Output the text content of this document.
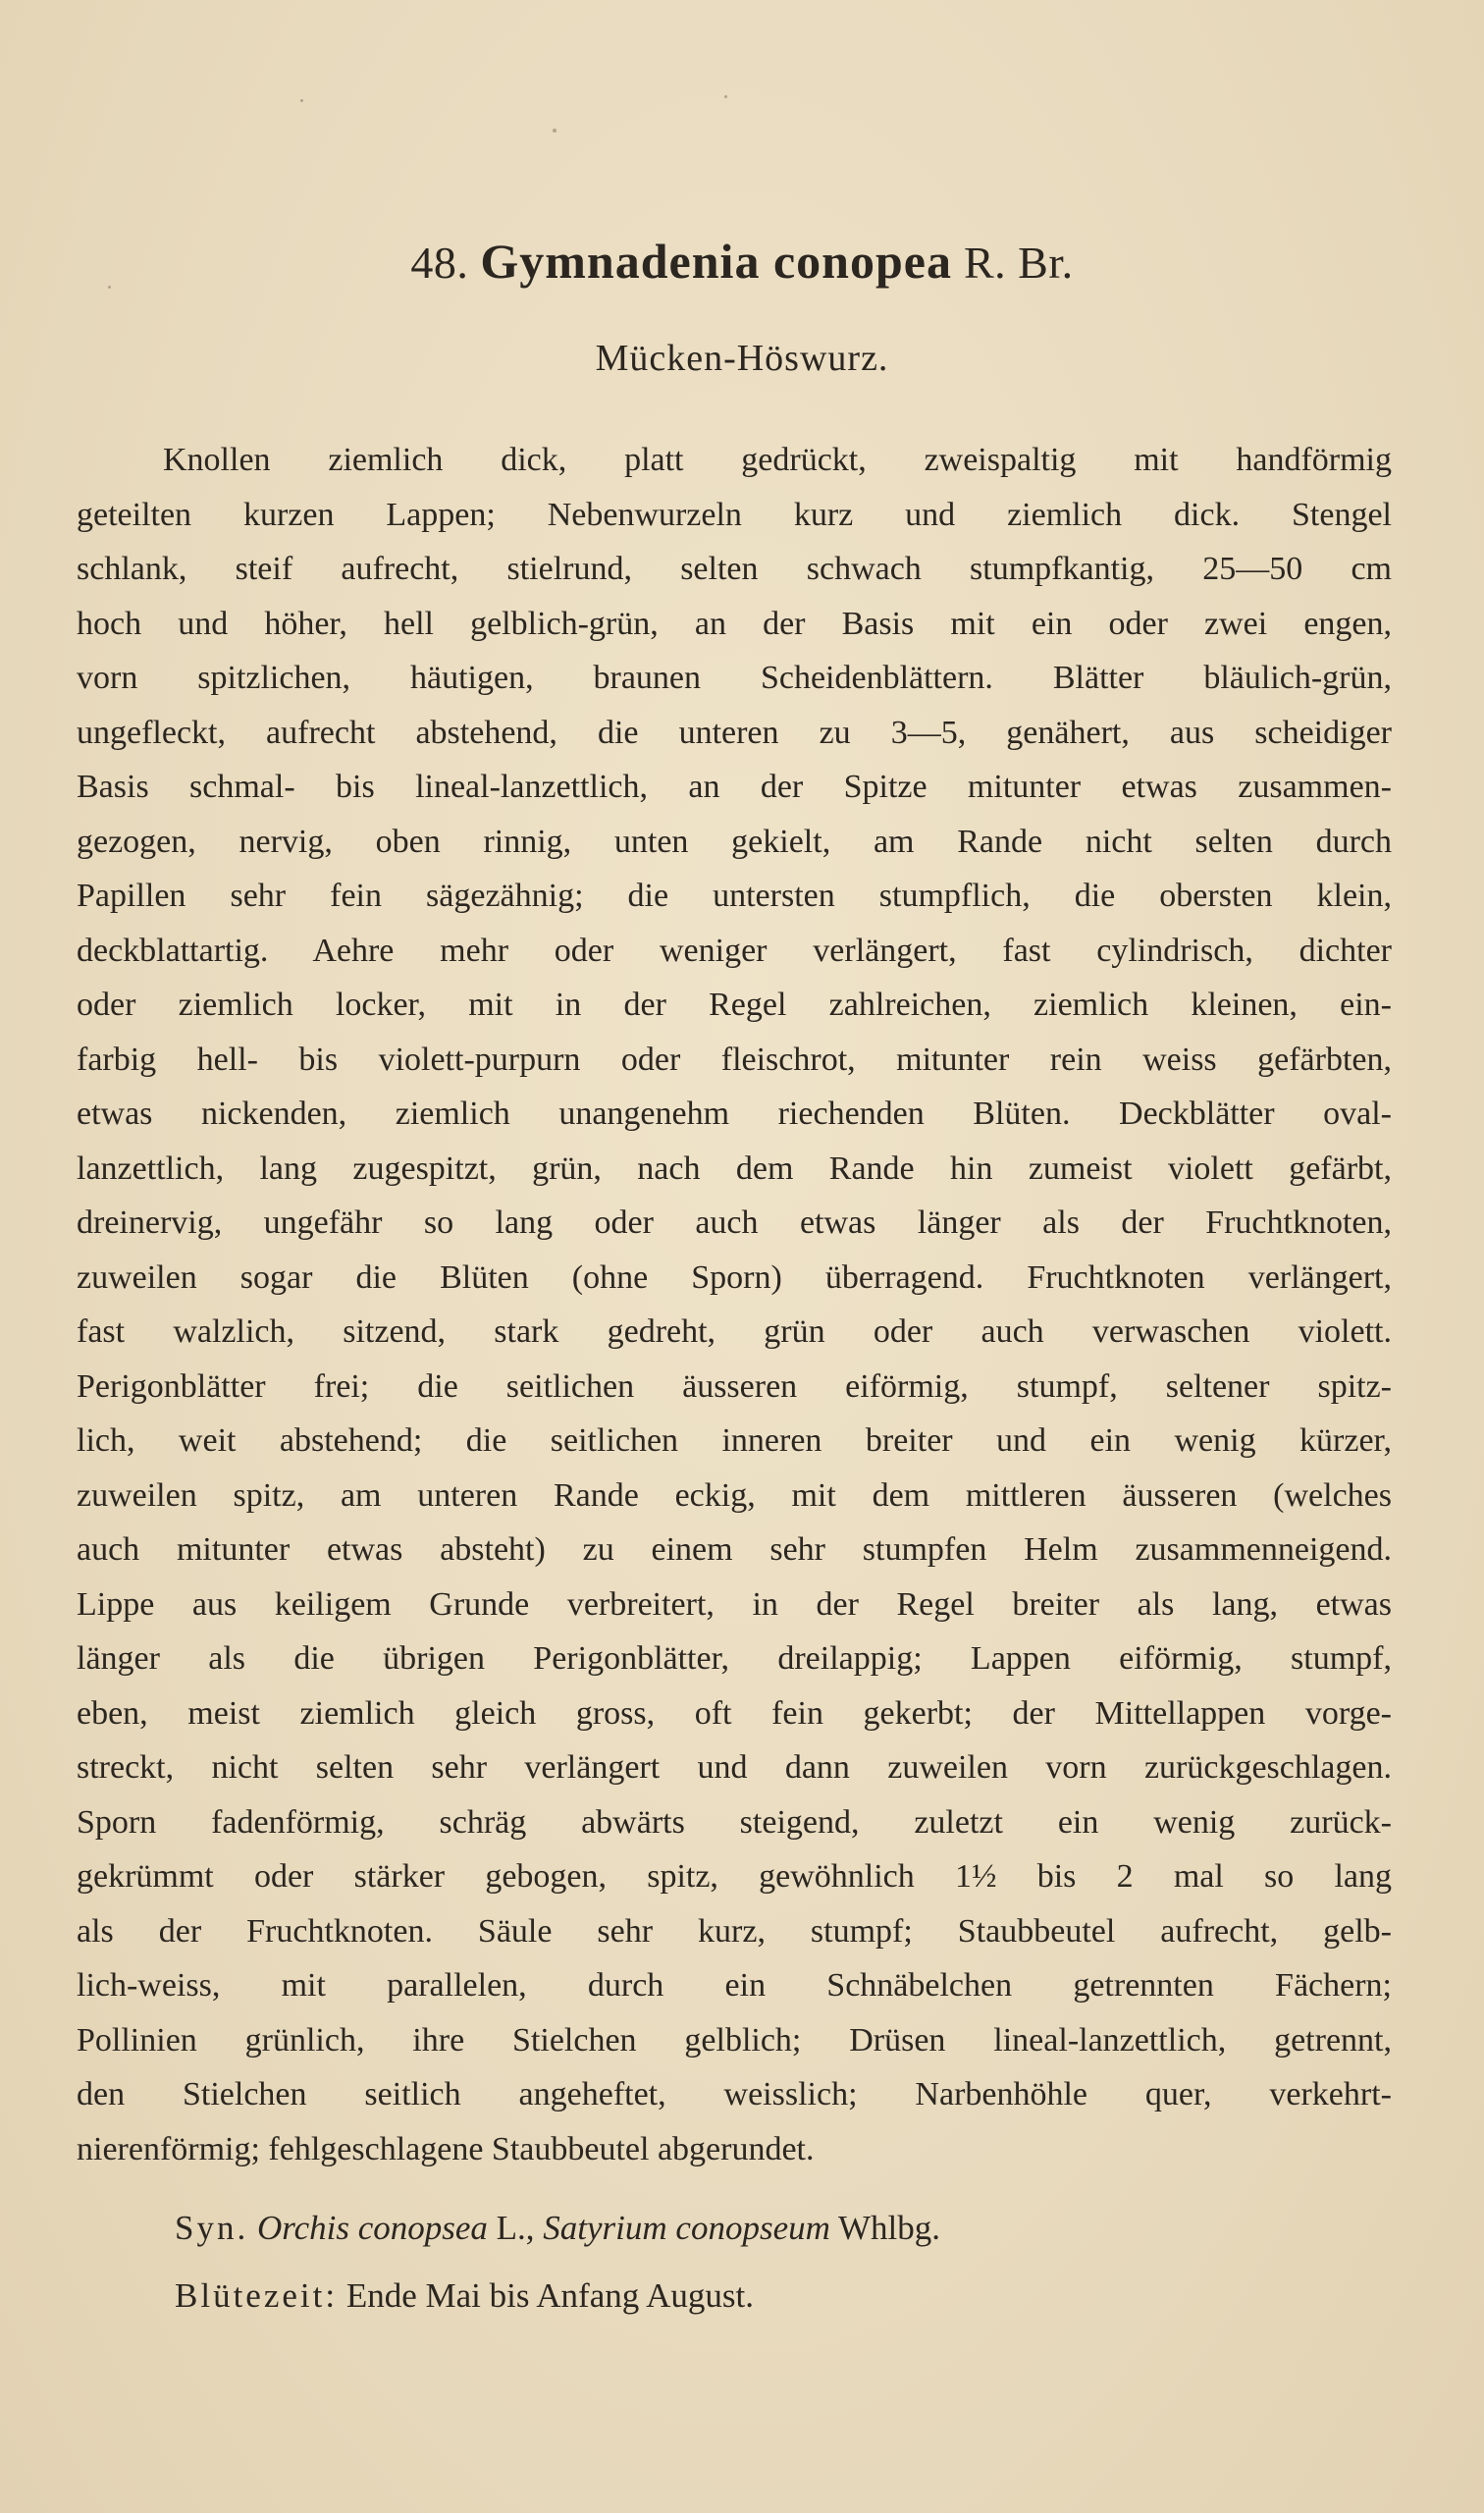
48. Gymnadenia conopea R. Br.
Mücken-Höswurz.
Knollen ziemlich dick, platt gedrückt, zweispaltig mit handförmig
geteilten kurzen Lappen; Nebenwurzeln kurz und ziemlich dick. Stengel
schlank, steif aufrecht, stielrund, selten schwach stumpfkantig, 25—50 cm
hoch und höher, hell gelblich-grün, an der Basis mit ein oder zwei engen,
vorn spitzlichen, häutigen, braunen Scheidenblättern. Blätter bläulich-grün,
ungefleckt, aufrecht abstehend, die unteren zu 3—5, genähert, aus scheidiger
Basis schmal- bis lineal-lanzettlich, an der Spitze mitunter etwas zusammen-
gezogen, nervig, oben rinnig, unten gekielt, am Rande nicht selten durch
Papillen sehr fein sägezähnig; die untersten stumpflich, die obersten klein,
deckblattartig. Aehre mehr oder weniger verlängert, fast cylindrisch, dichter
oder ziemlich locker, mit in der Regel zahlreichen, ziemlich kleinen, ein-
farbig hell- bis violett-purpurn oder fleischrot, mitunter rein weiss gefärbten,
etwas nickenden, ziemlich unangenehm riechenden Blüten. Deckblätter oval-
lanzettlich, lang zugespitzt, grün, nach dem Rande hin zumeist violett gefärbt,
dreinervig, ungefähr so lang oder auch etwas länger als der Fruchtknoten,
zuweilen sogar die Blüten (ohne Sporn) überragend. Fruchtknoten verlängert,
fast walzlich, sitzend, stark gedreht, grün oder auch verwaschen violett.
Perigonblätter frei; die seitlichen äusseren eiförmig, stumpf, seltener spitz-
lich, weit abstehend; die seitlichen inneren breiter und ein wenig kürzer,
zuweilen spitz, am unteren Rande eckig, mit dem mittleren äusseren (welches
auch mitunter etwas absteht) zu einem sehr stumpfen Helm zusammenneigend.
Lippe aus keiligem Grunde verbreitert, in der Regel breiter als lang, etwas
länger als die übrigen Perigonblätter, dreilappig; Lappen eiförmig, stumpf,
eben, meist ziemlich gleich gross, oft fein gekerbt; der Mittellappen vorge-
streckt, nicht selten sehr verlängert und dann zuweilen vorn zurückgeschlagen.
Sporn fadenförmig, schräg abwärts steigend, zuletzt ein wenig zurück-
gekrümmt oder stärker gebogen, spitz, gewöhnlich 1½ bis 2 mal so lang
als der Fruchtknoten. Säule sehr kurz, stumpf; Staubbeutel aufrecht, gelb-
lich-weiss, mit parallelen, durch ein Schnäbelchen getrennten Fächern;
Pollinien grünlich, ihre Stielchen gelblich; Drüsen lineal-lanzettlich, getrennt,
den Stielchen seitlich angeheftet, weisslich; Narbenhöhle quer, verkehrt-
nierenförmig; fehlgeschlagene Staubbeutel abgerundet.
Syn. Orchis conopsea L., Satyrium conopseum Whlbg.
Blütezeit: Ende Mai bis Anfang August.
